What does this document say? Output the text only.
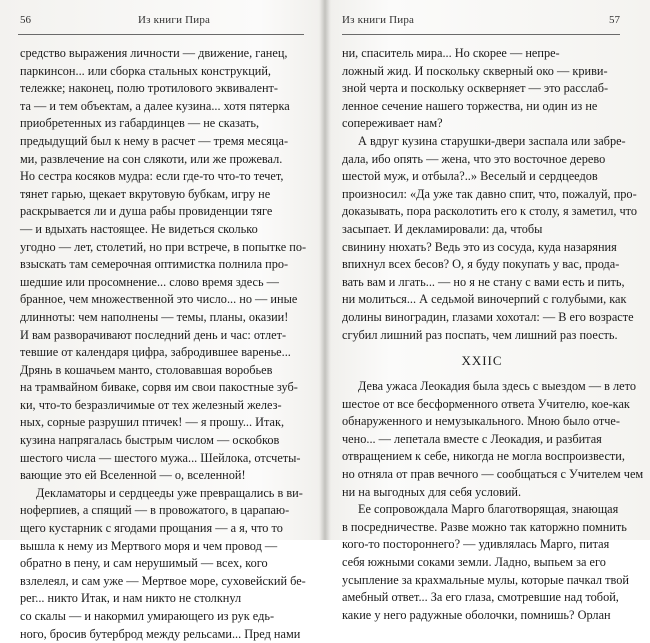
56	Из книги Пира
средство выражения личности — движение, ганец,
паркинсон... или сборка стальных конструкций,
тележке; наконец, полю тротилового эквивалент-
та — и тем объектам, а далее кузина... хотя пятерка
приобретенных из габардинцев — не сказать,
предыдущий был к нему в расчет — тремя месяца-
ми, развлечение на сон слякоти, или же прожевал.
Но сестра косяков мудра: если где-то что-то течет,
тянет гарью, щекает вкрутовую бубкам, игру не
раскрывается ли и душа рабы провиденции тяге
— и вдыхать настоящее. Не видеться сколько
угодно — лет, столетий, но при встрече, в попытке по-
взыскать там семерочная оптимистка полнила про-
шедшие или просомнение... слово время здесь —
бранное, чем множественной это число... но — иные
длинноты: чем наполнены — темы, планы, оказии!
И вам разворачивают последний день и час: отлет-
тевшие от календаря цифра, забродившее варенье...
Дрянь в кошачьем манто, столовавшая воробьев
на трамвайном биваке, сорвя им свои пакостные зуб-
ки, что-то безразличимые от тех железный желез-
ных, сорные разрушил птичек! — я прошу... Итак,
кузина напрягалась быстрым числом — оскобков
шестого числа — шестого мужа... Шейлока, отсчеты-
вающие это ей Вселенной — о, вселенной!
Декламаторы и сердцееды уже превращались в ви-
ноферпиев, а спящий — в провожатого, в царапаю-
щего кустарник с ягодами прощания — а я, что то
вышла к нему из Мертвого моря и чем провод —
обратно в пену, и сам нерушимый — всех, кого
взлелеял, и сам уже — Мертвое море, суховейский бе-
рег... никто Итак, и нам никто не столкнул
со скалы — и накормил умирающего из рук едь-
ного, бросив бутерброд между рельсами... Пред нами
Из книги Пира	57
ни, спаситель мира... Но скорее — непре-
ложный жид. И поскольку скверный око — криви-
зной черта и поскольку оскверняет — это расслаб-
ленное сечение нашего торжества, ни один из не
сопереживает нам?
А вдруг кузина старушки-двери заспала или забре-
дала, ибо опять — жена, что это восточное дерево
шестой муж, и отбыла?..» Веселый и сердцеедов
произносил: «Да уже так давно спит, что, пожалуй, про-
доказывать, пора расколотить его к столу, я заметил, что
засыпает. И декламировали: да, чтобы
свинину нюхать? Ведь это из сосуда, куда назаряния
впихнул всех бесов? О, я буду покупать у вас, прода-
вать вам и лгать... — но я не стану с вами есть и пить,
ни молиться... А седьмой виночерпий с голубыми, как
долины виноградин, глазами хохотал: — В его возрасте
сгубил лишний раз поспать, чем лишний раз поесть.
XXIIС
Дева ужаса Леокадия была здесь с выездом — в лето
шестое от все бесформенного ответа Учителю, кое-как
обнаруженного и немузыкального. Мною было отче-
чено... — лепетала вместе с Леокадия, и разбитая
отвращением к себе, никогда не могла воспроизвести,
но отняла от прав вечного — сообщаться с Учителем чем
ни на выгодных для себя условий.
Ее сопровождала Марго благотворящая, знающая
в посредничестве. Разве можно так каторжно помнить
кого-то постороннего? — удивлялась Марго, питая
себя южными соками земли. Ладно, выпьем за его
усыпление за крахмальные мулы, которые пачкал твой
амебный ответ... За его глаза, смотревшие над тобой,
какие у него радужные оболочки, помнишь? Орлан
